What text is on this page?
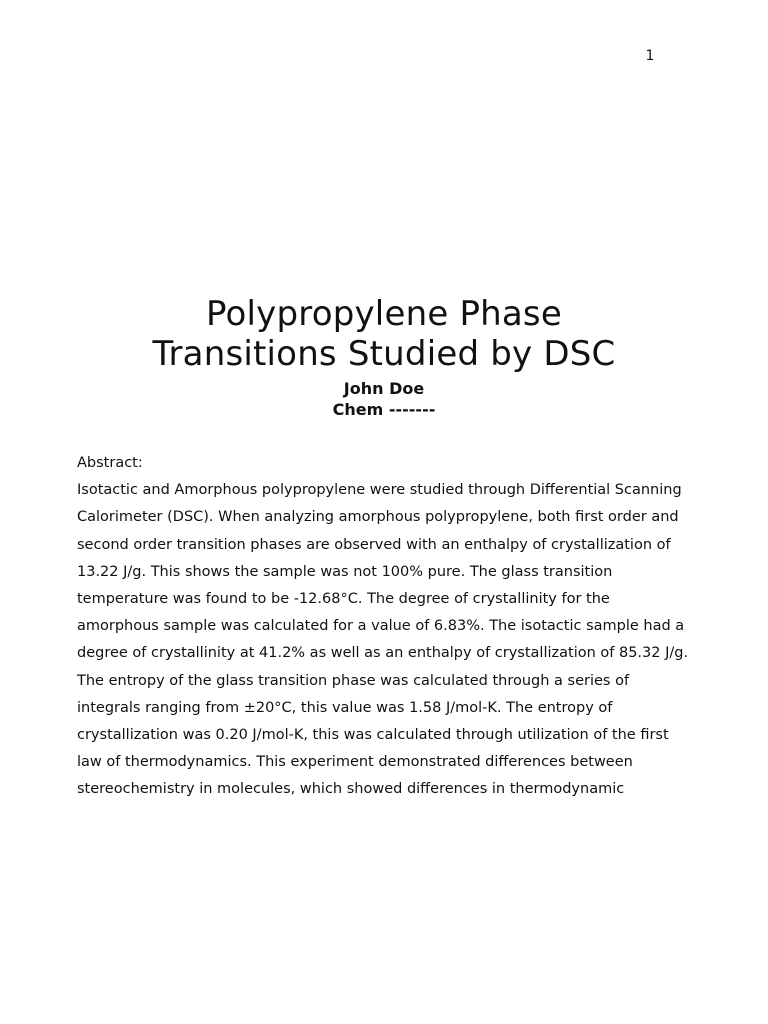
1
Polypropylene Phase
Transitions Studied by DSC
John Doe
Chem -------
Abstract:
Isotactic and Amorphous polypropylene were studied through Differential Scanning
Calorimeter (DSC). When analyzing amorphous polypropylene, both first order and
second order transition phases are observed with an enthalpy of crystallization of
13.22 J/g. This shows the sample was not 100% pure. The glass transition
temperature was found to be -12.68°C. The degree of crystallinity for the
amorphous sample was calculated for a value of 6.83%. The isotactic sample had a
degree of crystallinity at 41.2% as well as an enthalpy of crystallization of 85.32 J/g.
The entropy of the glass transition phase was calculated through a series of
integrals ranging from ±20°C, this value was 1.58 J/mol-K. The entropy of
crystallization was 0.20 J/mol-K, this was calculated through utilization of the first
law of thermodynamics. This experiment demonstrated differences between
stereochemistry in molecules, which showed differences in thermodynamic
